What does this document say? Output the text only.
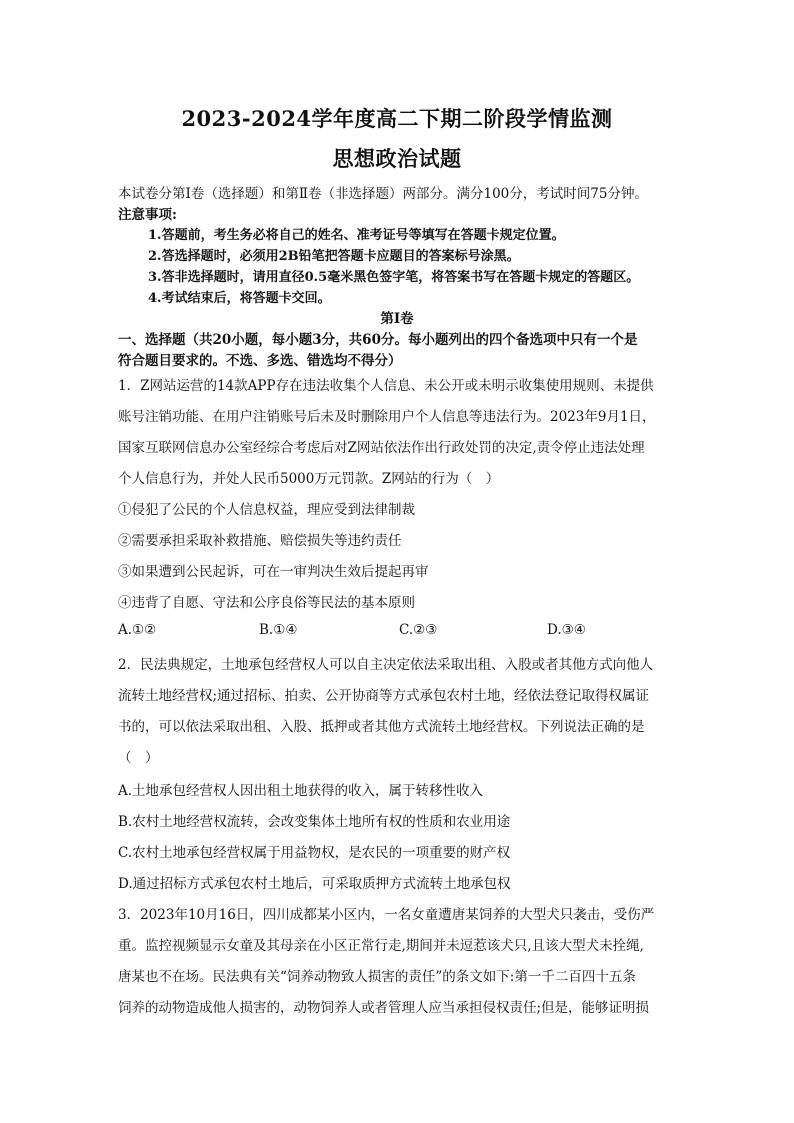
2023-2024学年度高二下期二阶段学情监测
思想政治试题
本试卷分第Ⅰ卷（选择题）和第Ⅱ卷（非选择题）两部分。满分100分，考试时间75分钟。
注意事项:
1.答题前，考生务必将自己的姓名、准考证号等填写在答题卡规定位置。
2.答选择题时，必须用2B铅笔把答题卡应题目的答案标号涂黑。
3.答非选择题时，请用直径0.5毫米黑色签字笔，将答案书写在答题卡规定的答题区。
4.考试结束后，将答题卡交回。
第Ⅰ卷
一、选择题（共20小题，每小题3分，共60分。每小题列出的四个备选项中只有一个是
符合题目要求的。不选、多选、错选均不得分）
1．Z网站运营的14款APP存在违法收集个人信息、未公开或未明示收集使用规则、未提供
账号注销功能、在用户注销账号后未及时删除用户个人信息等违法行为。2023年9月1日，
国家互联网信息办公室经综合考虑后对Z网站依法作出行政处罚的决定,责令停止违法处理
个人信息行为，并处人民币5000万元罚款。Z网站的行为（　）
①侵犯了公民的个人信息权益，理应受到法律制裁
②需要承担采取补救措施、赔偿损失等违约责任
③如果遭到公民起诉，可在一审判决生效后提起再审
④违背了自愿、守法和公序良俗等民法的基本原则
A.①②	B.①④	C.②③	D.③④
2．民法典规定，土地承包经营权人可以自主决定依法采取出租、入股或者其他方式向他人
流转土地经营权;通过招标、拍卖、公开协商等方式承包农村土地，经依法登记取得权属证
书的，可以依法采取出租、入股、抵押或者其他方式流转土地经营权。下列说法正确的是
（　）
A.土地承包经营权人因出租土地获得的收入，属于转移性收入
B.农村土地经营权流转，会改变集体土地所有权的性质和农业用途
C.农村土地承包经营权属于用益物权，是农民的一项重要的财产权
D.通过招标方式承包农村土地后，可采取质押方式流转土地承包权
3．2023年10月16日，四川成都某小区内，一名女童遭唐某饲养的大型犬只袭击，受伤严
重。监控视频显示女童及其母亲在小区正常行走,期间并未逗惹该犬只,且该大型犬未拴绳,
唐某也不在场。民法典有关“饲养动物致人损害的责任”的条文如下:第一千二百四十五条
饲养的动物造成他人损害的，动物饲养人或者管理人应当承担侵权责任;但是，能够证明损
